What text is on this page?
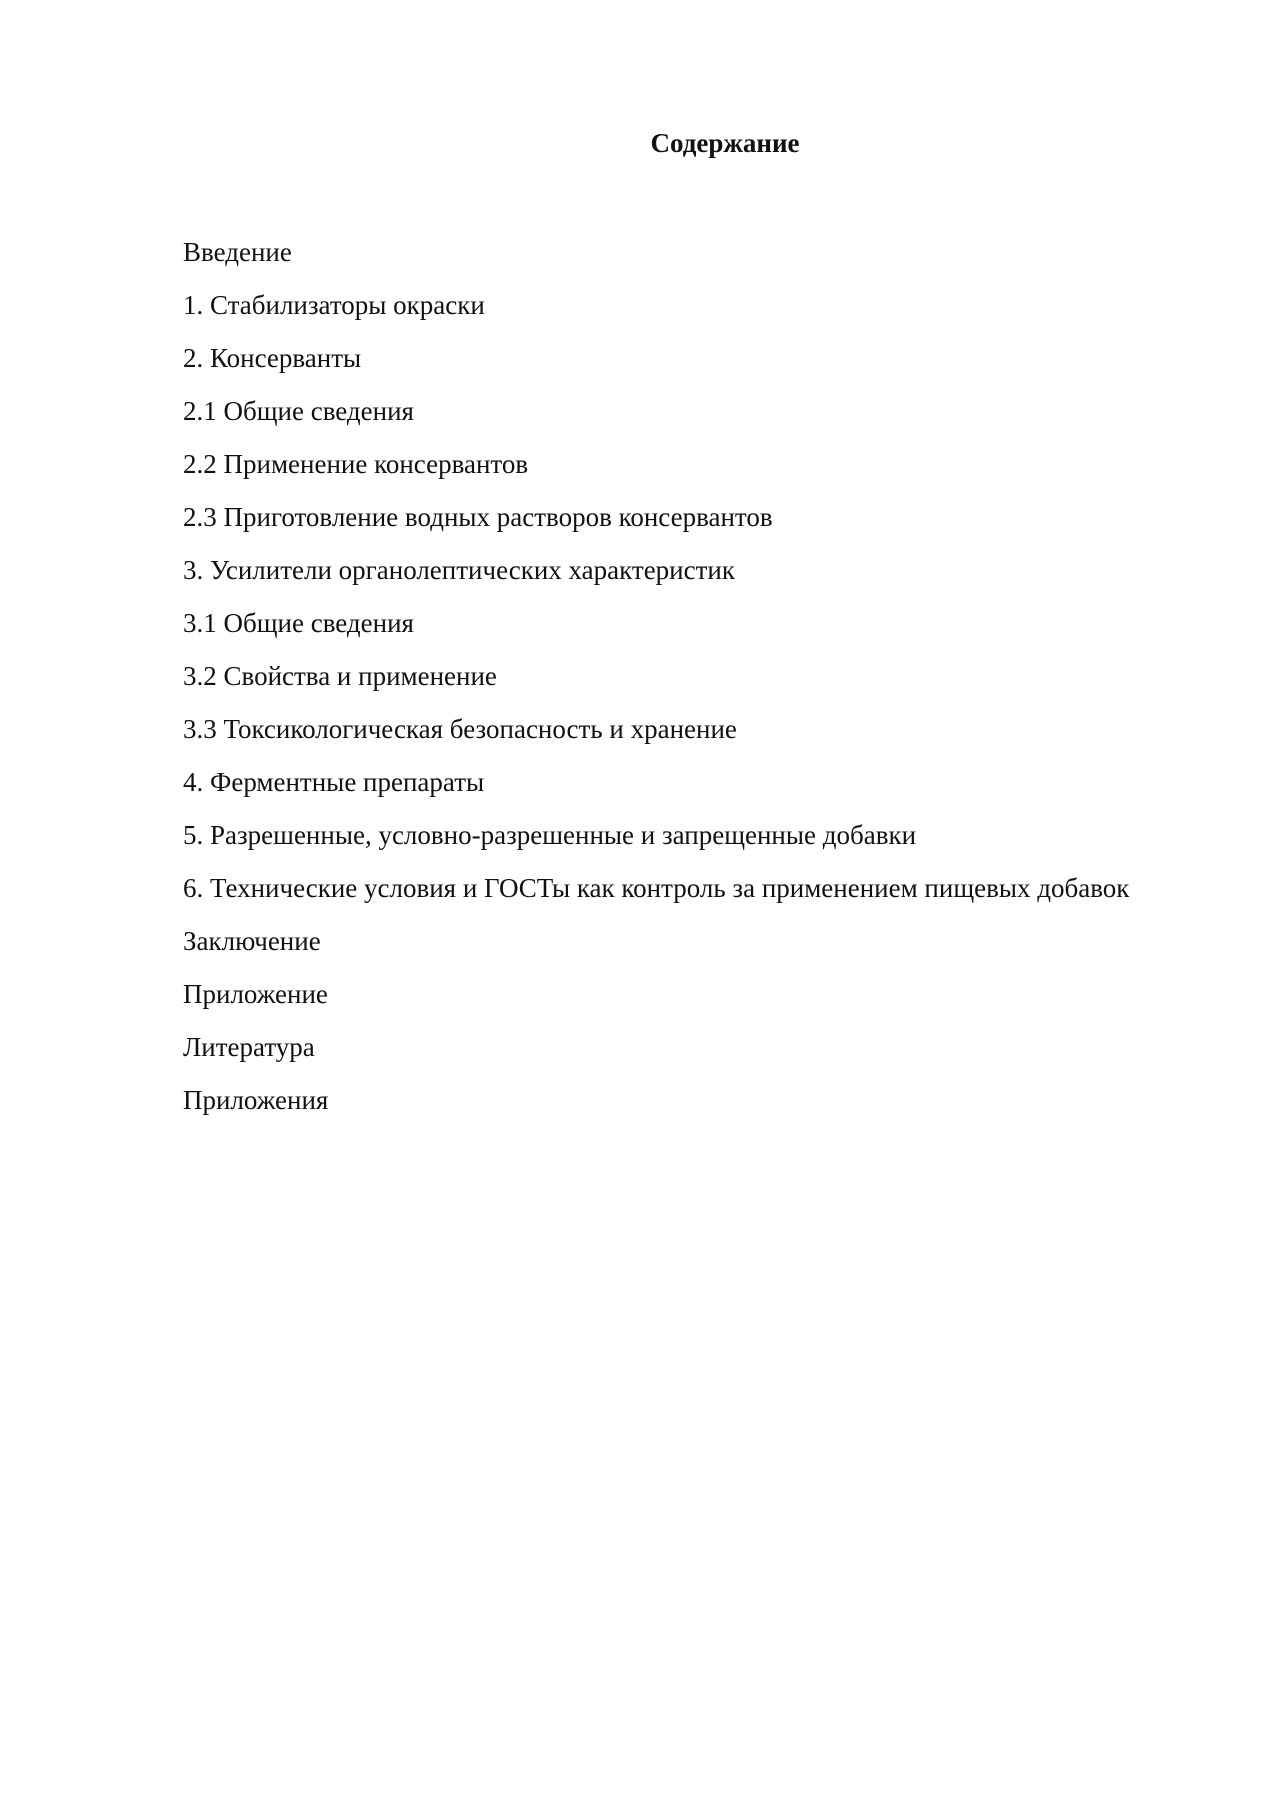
Содержание
Введение
1. Стабилизаторы окраски
2. Консерванты
2.1 Общие сведения
2.2 Применение консервантов
2.3 Приготовление водных растворов консервантов
3. Усилители органолептических характеристик
3.1 Общие сведения
3.2 Свойства и применение
3.3 Токсикологическая безопасность и хранение
4. Ферментные препараты
5. Разрешенные, условно-разрешенные и запрещенные добавки
6. Технические условия и ГОСТы как контроль за применением пищевых добавок
Заключение
Приложение
Литература
Приложения
